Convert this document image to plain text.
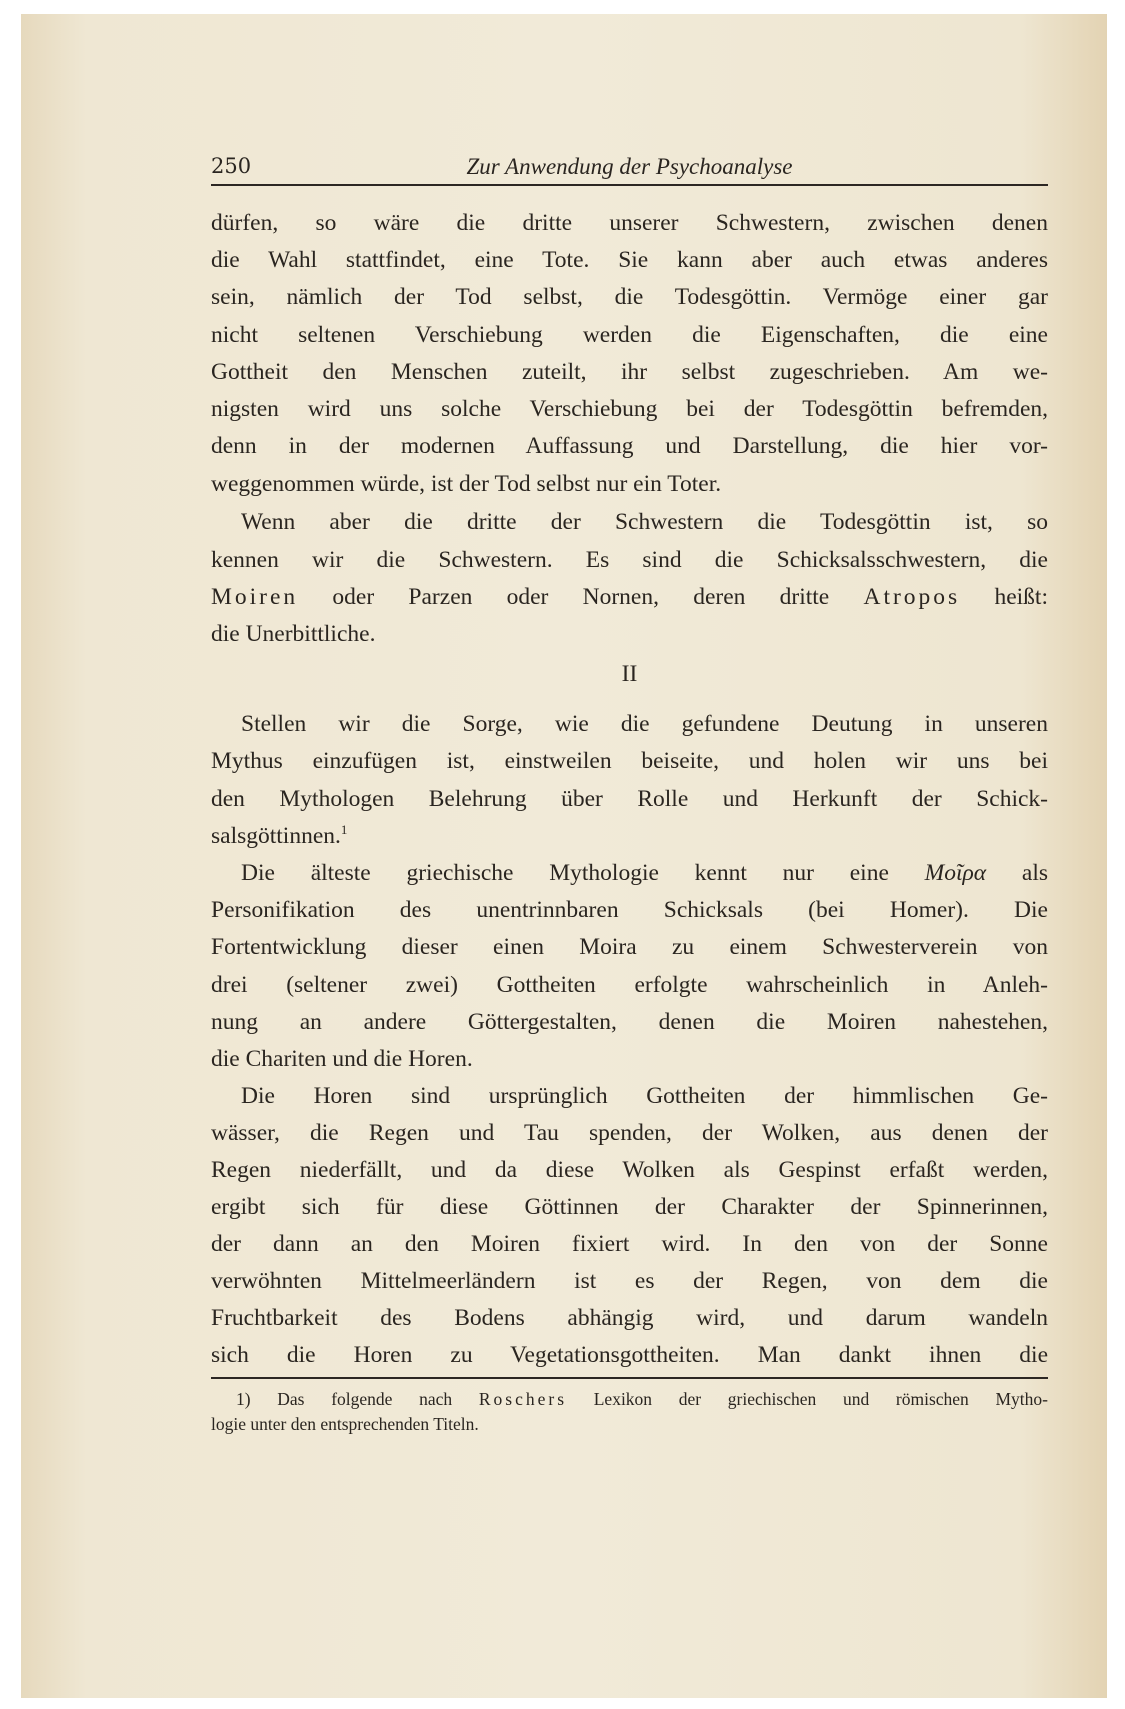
250	Zur Anwendung der Psychoanalyse
dürfen, so wäre die dritte unserer Schwestern, zwischen denen
die Wahl stattfindet, eine Tote. Sie kann aber auch etwas anderes
sein, nämlich der Tod selbst, die Todesgöttin. Vermöge einer gar
nicht seltenen Verschiebung werden die Eigenschaften, die eine
Gottheit den Menschen zuteilt, ihr selbst zugeschrieben. Am we-
nigsten wird uns solche Verschiebung bei der Todesgöttin befremden,
denn in der modernen Auffassung und Darstellung, die hier vor-
weggenommen würde, ist der Tod selbst nur ein Toter.
Wenn aber die dritte der Schwestern die Todesgöttin ist, so
kennen wir die Schwestern. Es sind die Schicksalsschwestern, die
Moiren oder Parzen oder Nornen, deren dritte Atropos heißt:
die Unerbittliche.
II
Stellen wir die Sorge, wie die gefundene Deutung in unseren
Mythus einzufügen ist, einstweilen beiseite, und holen wir uns bei
den Mythologen Belehrung über Rolle und Herkunft der Schick-
salsgöttinnen.$^1$
Die älteste griechische Mythologie kennt nur eine Μοῖρα als
Personifikation des unentrinnbaren Schicksals (bei Homer). Die
Fortentwicklung dieser einen Moira zu einem Schwesterverein von
drei (seltener zwei) Gottheiten erfolgte wahrscheinlich in Anleh-
nung an andere Göttergestalten, denen die Moiren nahestehen,
die Chariten und die Horen.
Die Horen sind ursprünglich Gottheiten der himmlischen Ge-
wässer, die Regen und Tau spenden, der Wolken, aus denen der
Regen niederfällt, und da diese Wolken als Gespinst erfaßt werden,
ergibt sich für diese Göttinnen der Charakter der Spinnerinnen,
der dann an den Moiren fixiert wird. In den von der Sonne
verwöhnten Mittelmeerländern ist es der Regen, von dem die
Fruchtbarkeit des Bodens abhängig wird, und darum wandeln
sich die Horen zu Vegetationsgottheiten. Man dankt ihnen die
1) Das folgende nach Roschers Lexikon der griechischen und römischen Mytho-
logie unter den entsprechenden Titeln.
